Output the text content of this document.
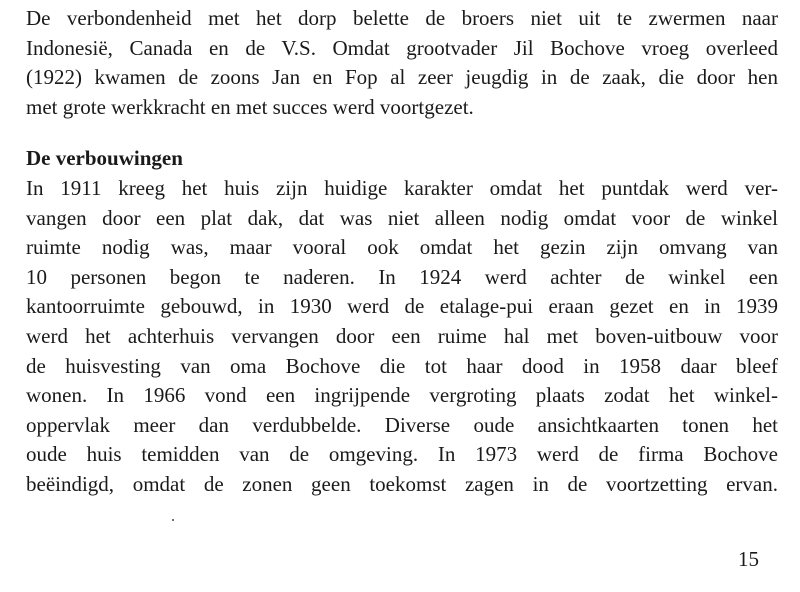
De verbondenheid met het dorp belette de broers niet uit te zwermen naar
Indonesië, Canada en de V.S. Omdat grootvader Jil Bochove vroeg overleed
(1922) kwamen de zoons Jan en Fop al zeer jeugdig in de zaak, die door hen
met grote werkkracht en met succes werd voortgezet.
De verbouwingen
In 1911 kreeg het huis zijn huidige karakter omdat het puntdak werd ver-
vangen door een plat dak, dat was niet alleen nodig omdat voor de winkel
ruimte nodig was, maar vooral ook omdat het gezin zijn omvang van
10 personen begon te naderen. In 1924 werd achter de winkel een
kantoorruimte gebouwd, in 1930 werd de etalage-pui eraan gezet en in 1939
werd het achterhuis vervangen door een ruime hal met boven-uitbouw voor
de huisvesting van oma Bochove die tot haar dood in 1958 daar bleef
wonen. In 1966 vond een ingrijpende vergroting plaats zodat het winkel-
oppervlak meer dan verdubbelde. Diverse oude ansichtkaarten tonen het
oude huis temidden van de omgeving. In 1973 werd de firma Bochove
beëindigd, omdat de zonen geen toekomst zagen in de voortzetting ervan.
15
